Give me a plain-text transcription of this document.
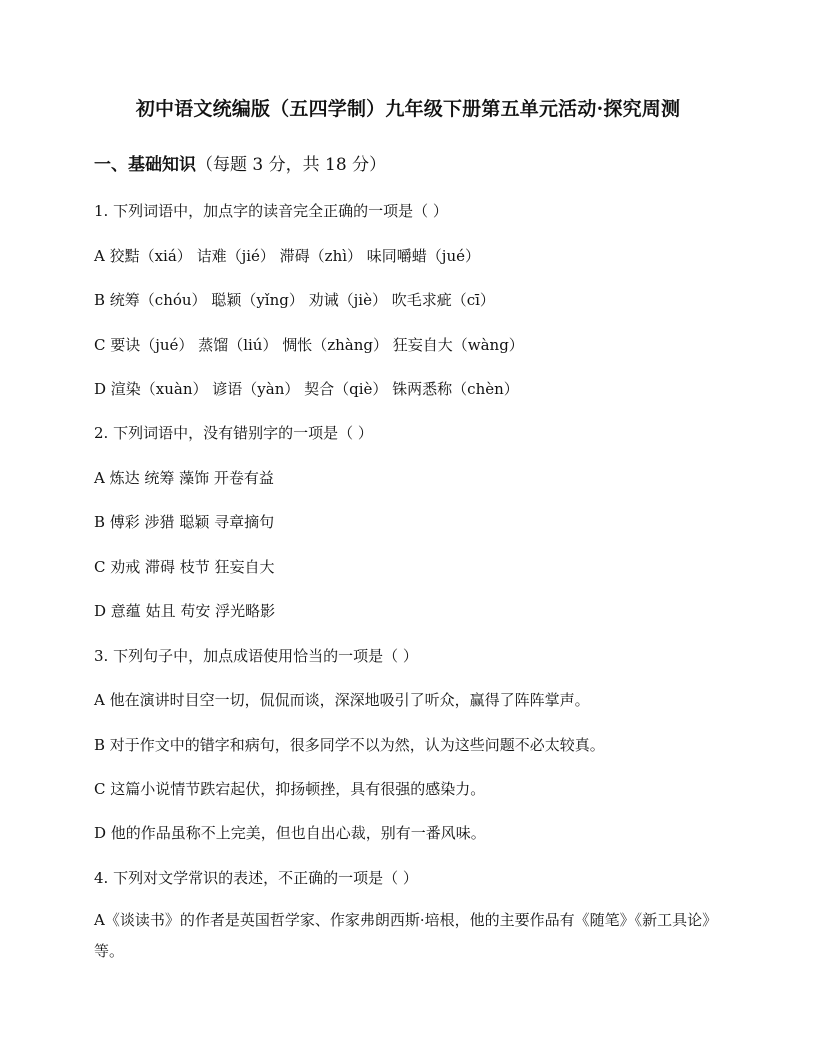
初中语文统编版（五四学制）九年级下册第五单元活动·探究周测
一、基础知识（每题 3 分，共 18 分）
1. 下列词语中，加点字的读音完全正确的一项是（ ）
A 狡黠（xiá） 诘难（jié） 滞碍（zhì） 味同嚼蜡（jué）
B 统筹（chóu） 聪颖（yǐng） 劝诫（jiè） 吹毛求疵（cī）
C 要诀（jué） 蒸馏（liú） 惆怅（zhàng） 狂妄自大（wàng）
D 渲染（xuàn） 谚语（yàn） 契合（qiè） 铢两悉称（chèn）
2. 下列词语中，没有错别字的一项是（ ）
A 炼达 统筹 藻饰 开卷有益
B 傅彩 涉猎 聪颖 寻章摘句
C 劝戒 滞碍 枝节 狂妄自大
D 意蕴 姑且 苟安 浮光略影
3. 下列句子中，加点成语使用恰当的一项是（ ）
A 他在演讲时目空一切，侃侃而谈，深深地吸引了听众，赢得了阵阵掌声。
B 对于作文中的错字和病句，很多同学不以为然，认为这些问题不必太较真。
C 这篇小说情节跌宕起伏，抑扬顿挫，具有很强的感染力。
D 他的作品虽称不上完美，但也自出心裁，别有一番风味。
4. 下列对文学常识的表述，不正确的一项是（ ）
A《谈读书》的作者是英国哲学家、作家弗朗西斯·培根，他的主要作品有《随笔》《新工具论》等。
